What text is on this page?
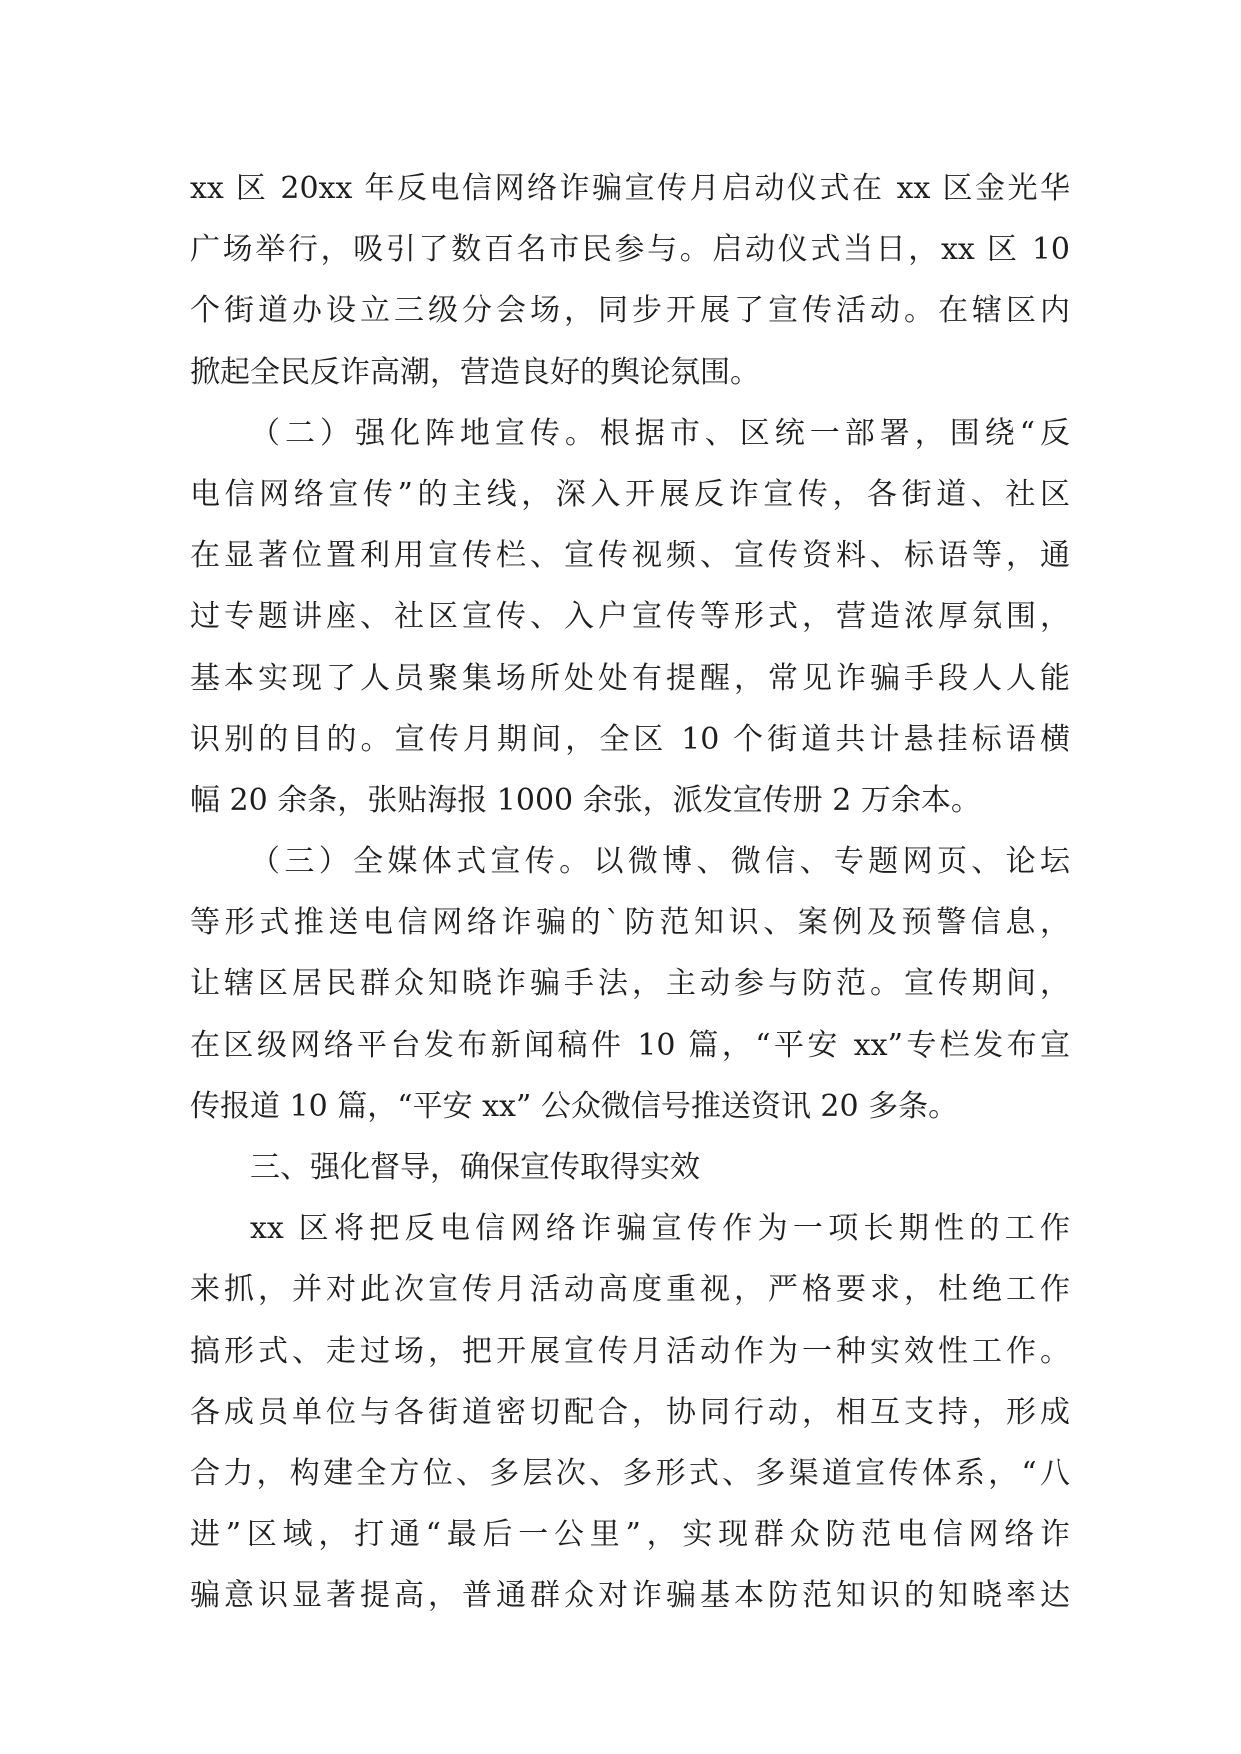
xx 区 20xx 年反电信网络诈骗宣传月启动仪式在 xx 区金光华
广场举行，吸引了数百名市民参与。启动仪式当日，xx 区 10
个街道办设立三级分会场，同步开展了宣传活动。在辖区内
掀起全民反诈高潮，营造良好的舆论氛围。
（二）强化阵地宣传。根据市、区统一部署，围绕“反
电信网络宣传”的主线，深入开展反诈宣传，各街道、社区
在显著位置利用宣传栏、宣传视频、宣传资料、标语等，通
过专题讲座、社区宣传、入户宣传等形式，营造浓厚氛围，
基本实现了人员聚集场所处处有提醒，常见诈骗手段人人能
识别的目的。宣传月期间，全区 10 个街道共计悬挂标语横
幅 20 余条，张贴海报 1000 余张，派发宣传册 2 万余本。
（三）全媒体式宣传。以微博、微信、专题网页、论坛
等形式推送电信网络诈骗的`防范知识、案例及预警信息，
让辖区居民群众知晓诈骗手法，主动参与防范。宣传期间，
在区级网络平台发布新闻稿件 10 篇，“平安 xx”专栏发布宣
传报道 10 篇，“平安 xx” 公众微信号推送资讯 20 多条。
三、强化督导，确保宣传取得实效
xx 区将把反电信网络诈骗宣传作为一项长期性的工作
来抓，并对此次宣传月活动高度重视，严格要求，杜绝工作
搞形式、走过场，把开展宣传月活动作为一种实效性工作。
各成员单位与各街道密切配合，协同行动，相互支持，形成
合力，构建全方位、多层次、多形式、多渠道宣传体系，“八
进”区域，打通“最后一公里”，实现群众防范电信网络诈
骗意识显著提高，普通群众对诈骗基本防范知识的知晓率达
